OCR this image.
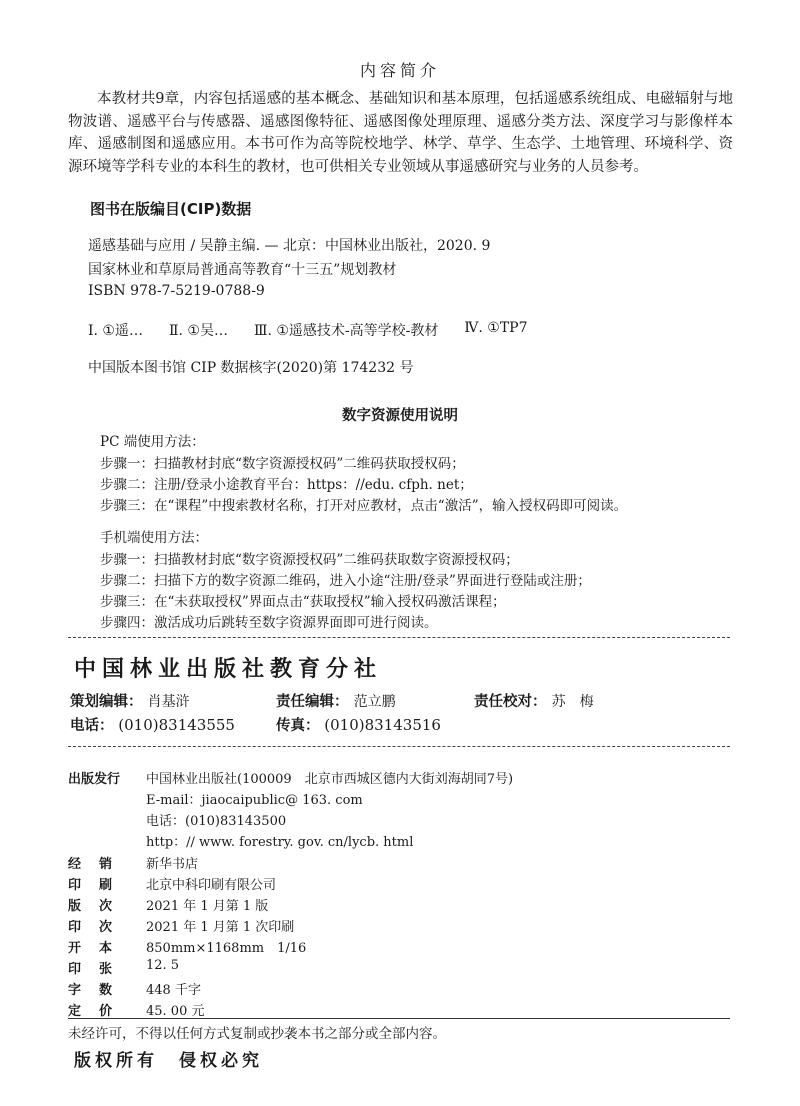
内容简介

本教材共9章，内容包括遥感的基本概念、基础知识和基本原理，包括遥感系统组成、电磁辐射与地物波谱、遥感平台与传感器、遥感图像特征、遥感图像处理原理、遥感分类方法、深度学习与影像样本库、遥感制图和遥感应用。本书可作为高等院校地学、林学、草学、生态学、土地管理、环境科学、资源环境等学科专业的本科生的教材，也可供相关专业领域从事遥感研究与业务的人员参考。

图书在版编目(CIP)数据
遥感基础与应用 / 吴静主编. — 北京：中国林业出版社，2020. 9
国家林业和草原局普通高等教育“十三五”规划教材
ISBN 978-7-5219-0788-9
Ⅰ. ①遥… Ⅱ. ①吴… Ⅲ. ①遥感技术-高等学校-教材 Ⅳ. ①TP7
中国版本图书馆 CIP 数据核字(2020)第 174232 号
数字资源使用说明
PC 端使用方法：
步骤一：扫描教材封底“数字资源授权码”二维码获取授权码；
步骤二：注册/登录小途教育平台：https：//edu. cfph. net；
步骤三：在“课程”中搜索教材名称，打开对应教材，点击“激活”，输入授权码即可阅读。
手机端使用方法：
步骤一：扫描教材封底“数字资源授权码”二维码获取数字资源授权码；
步骤二：扫描下方的数字资源二维码，进入小途“注册/登录”界面进行登陆或注册；
步骤三：在“未获取授权”界面点击“获取授权”输入授权码激活课程；
步骤四：激活成功后跳转至数字资源界面即可进行阅读。
中国林业出版社教育分社
策划编辑： 肖基浒	责任编辑： 范立鹏	责任校对： 苏　梅
电话： (010)83143555	传真： (010)83143516
出版发行 中国林业出版社(100009　北京市西城区德内大街刘海胡同7号)
E-mail：jiaocaipublic@ 163. com
电话：(010)83143500
http：// www. forestry. gov. cn/lycb. html
经销 新华书店
印刷 北京中科印刷有限公司
版次 2021 年 1 月第 1 版
印次 2021 年 1 月第 1 次印刷
开本 850mm×1168mm　1/16
印张 12. 5
字数 448 千字
定价 45. 00 元
未经许可，不得以任何方式复制或抄袭本书之部分或全部内容。
版权所有　侵权必究
